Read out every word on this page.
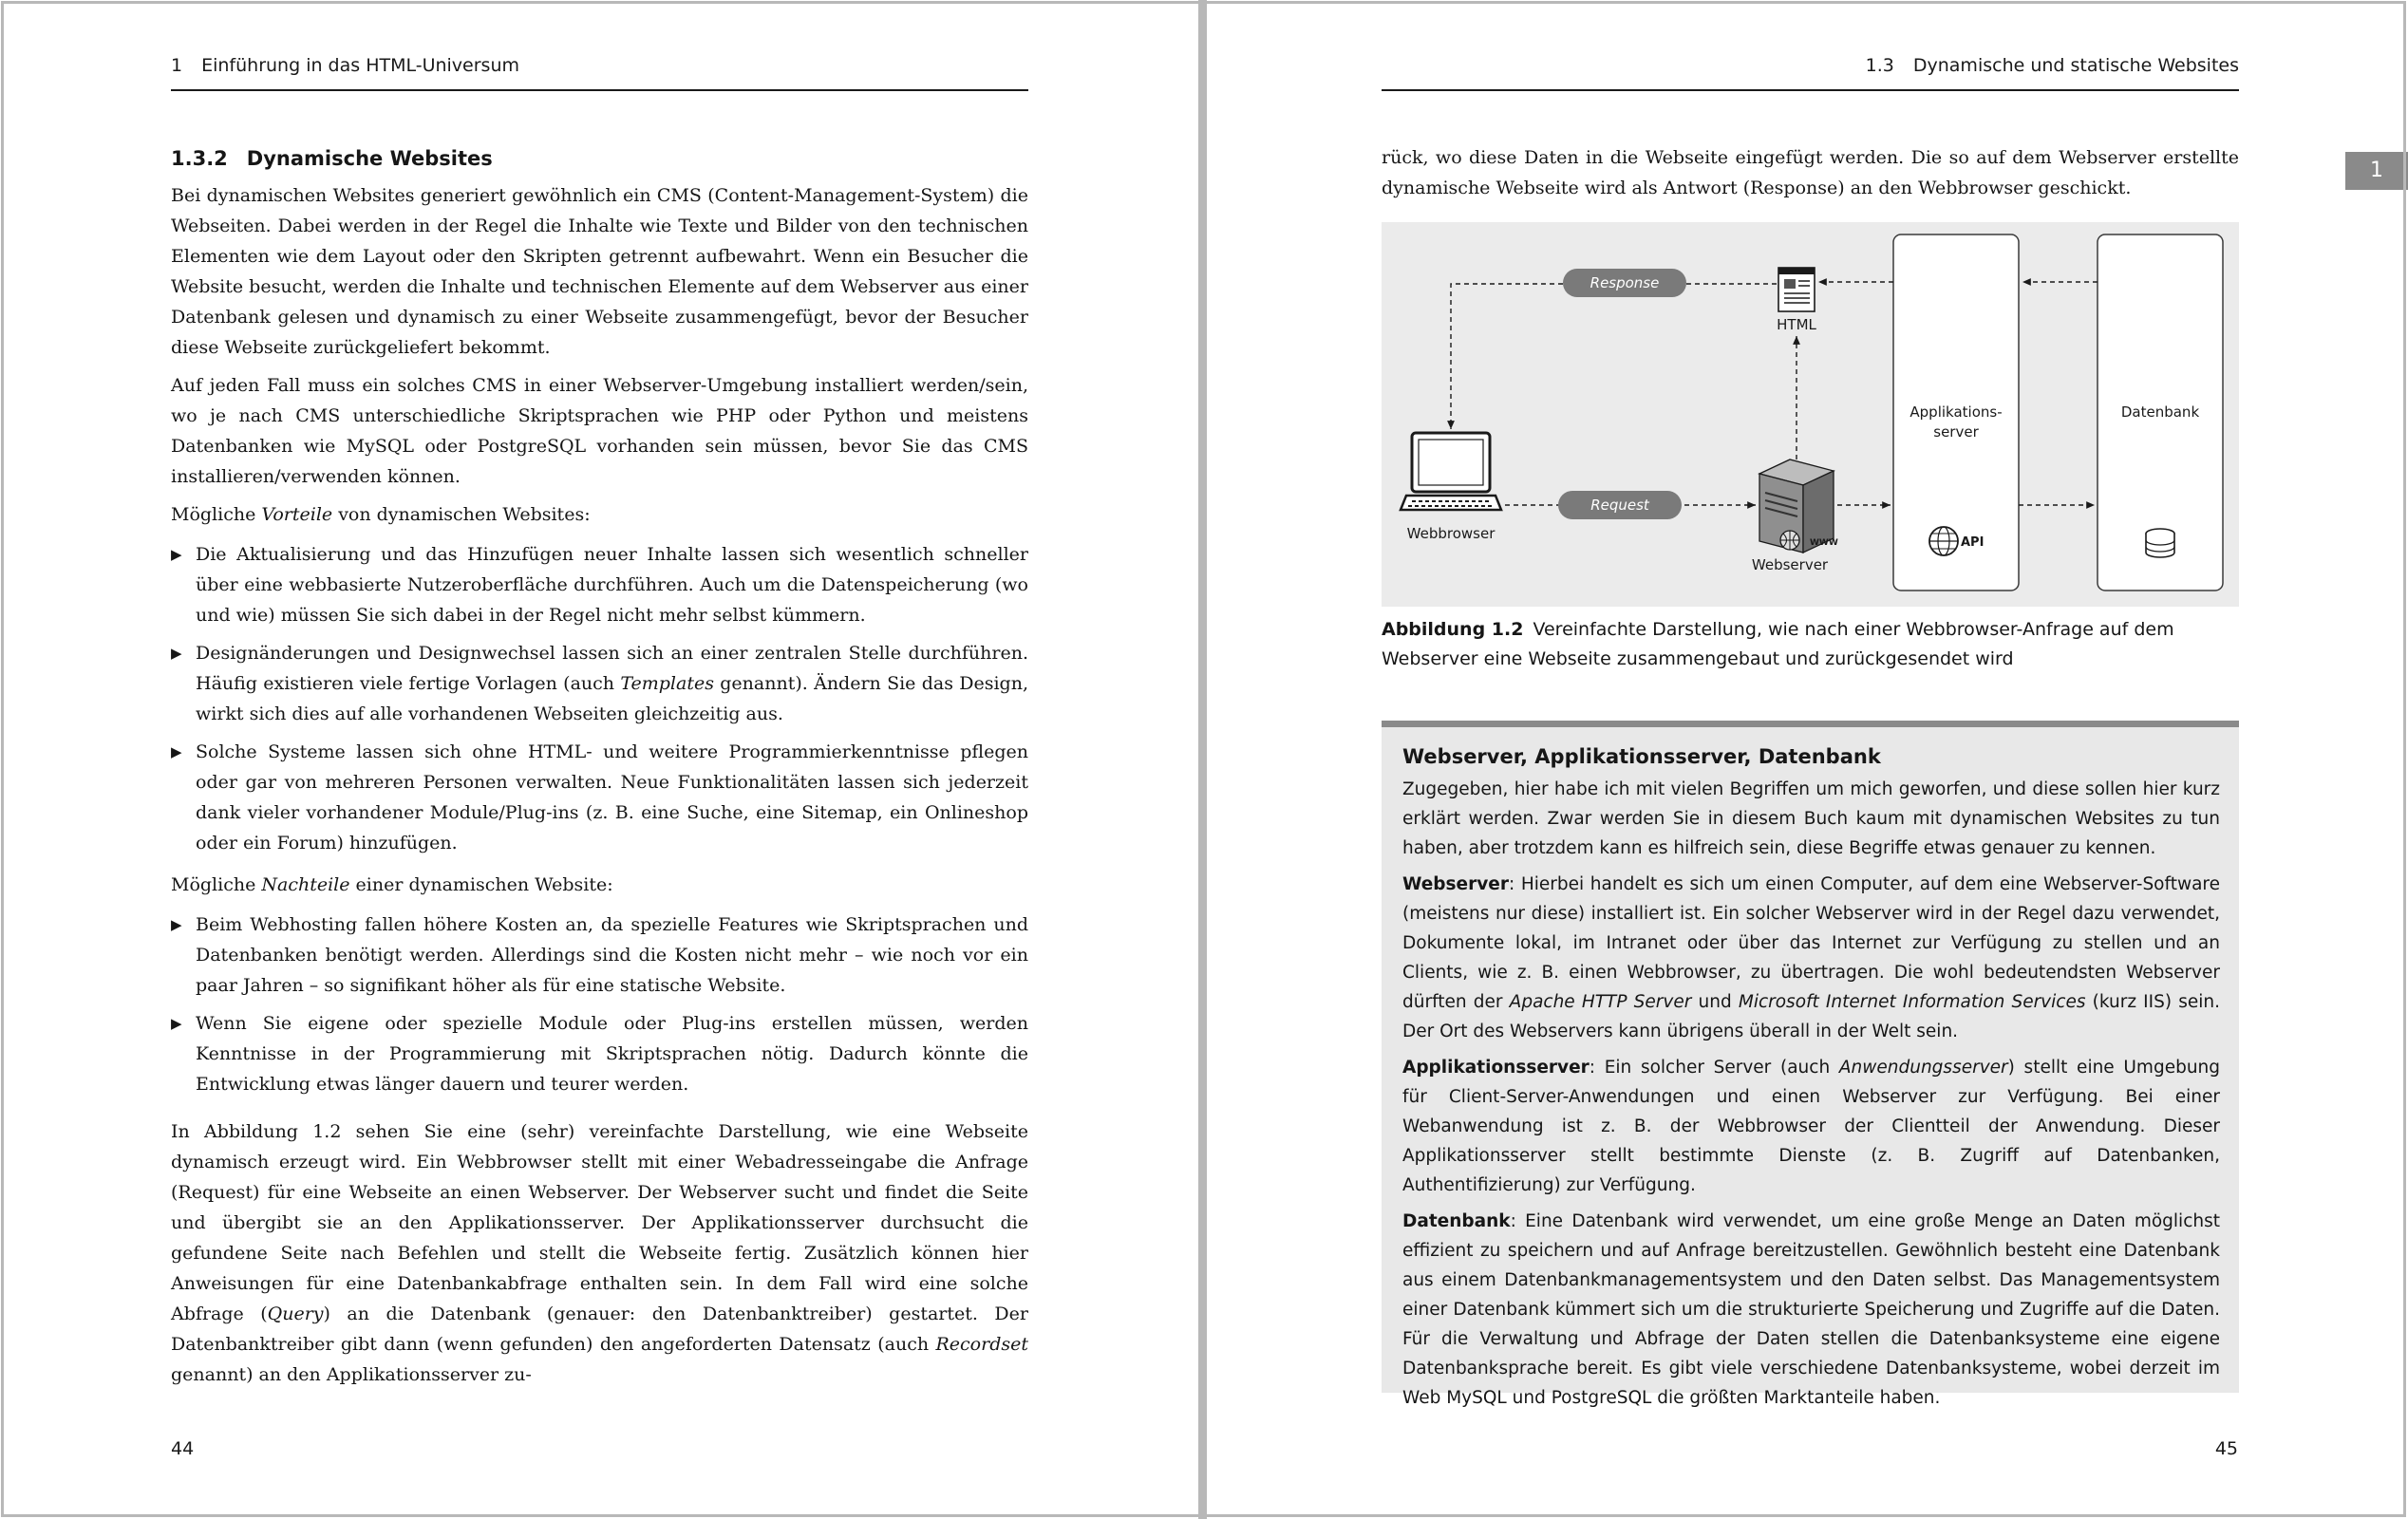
1 Einführung in das HTML-Universum
1.3.2 Dynamische Websites

Bei dynamischen Websites generiert gewöhnlich ein CMS (Content-Management-System) die Webseiten. Dabei werden in der Regel die Inhalte wie Texte und Bilder von den technischen Elementen wie dem Layout oder den Skripten getrennt aufbewahrt. Wenn ein Besucher die Website besucht, werden die Inhalte und technischen Elemente auf dem Webserver aus einer Datenbank gelesen und dynamisch zu einer Webseite zusammengefügt, bevor der Besucher diese Webseite zurückgeliefert bekommt.

Auf jeden Fall muss ein solches CMS in einer Webserver-Umgebung installiert werden/sein, wo je nach CMS unterschiedliche Skriptsprachen wie PHP oder Python und meistens Datenbanken wie MySQL oder PostgreSQL vorhanden sein müssen, bevor Sie das CMS installieren/verwenden können.

Mögliche Vorteile von dynamischen Websites:

▶ Die Aktualisierung und das Hinzufügen neuer Inhalte lassen sich wesentlich schneller über eine webbasierte Nutzeroberfläche durchführen. Auch um die Datenspeicherung (wo und wie) müssen Sie sich dabei in der Regel nicht mehr selbst kümmern.
▶ Designänderungen und Designwechsel lassen sich an einer zentralen Stelle durchführen. Häufig existieren viele fertige Vorlagen (auch Templates genannt). Ändern Sie das Design, wirkt sich dies auf alle vorhandenen Webseiten gleichzeitig aus.
▶ Solche Systeme lassen sich ohne HTML- und weitere Programmierkenntnisse pflegen oder gar von mehreren Personen verwalten. Neue Funktionalitäten lassen sich jederzeit dank vieler vorhandener Module/Plug-ins (z. B. eine Suche, eine Sitemap, ein Onlineshop oder ein Forum) hinzufügen.

Mögliche Nachteile einer dynamischen Website:

▶ Beim Webhosting fallen höhere Kosten an, da spezielle Features wie Skriptsprachen und Datenbanken benötigt werden. Allerdings sind die Kosten nicht mehr – wie noch vor ein paar Jahren – so signifikant höher als für eine statische Website.
▶ Wenn Sie eigene oder spezielle Module oder Plug-ins erstellen müssen, werden Kenntnisse in der Programmierung mit Skriptsprachen nötig. Dadurch könnte die Entwicklung etwas länger dauern und teurer werden.

In Abbildung 1.2 sehen Sie eine (sehr) vereinfachte Darstellung, wie eine Webseite dynamisch erzeugt wird. Ein Webbrowser stellt mit einer Webadresseingabe die Anfrage (Request) für eine Webseite an einen Webserver. Der Webserver sucht und findet die Seite und übergibt sie an den Applikationsserver. Der Applikationsserver durchsucht die gefundene Seite nach Befehlen und stellt die Webseite fertig. Zusätzlich können hier Anweisungen für eine Datenbankabfrage enthalten sein. In dem Fall wird eine solche Abfrage (Query) an die Datenbank (genauer: den Datenbanktreiber) gestartet. Der Datenbanktreiber gibt dann (wenn gefunden) den angeforderten Datensatz (auch Recordset genannt) an den Applikationsserver zu-

44
1.3 Dynamische und statische Websites
1

rück, wo diese Daten in die Webseite eingefügt werden. Die so auf dem Webserver erstellte dynamische Webseite wird als Antwort (Response) an den Webbrowser geschickt.

Response
Request
HTML
Webbrowser
WWW
Webserver
Applikations-
server
API
Datenbank

Abbildung 1.2 Vereinfachte Darstellung, wie nach einer Webbrowser-Anfrage auf dem Webserver eine Webseite zusammengebaut und zurückgesendet wird

Webserver, Applikationsserver, Datenbank

Zugegeben, hier habe ich mit vielen Begriffen um mich geworfen, und diese sollen hier kurz erklärt werden. Zwar werden Sie in diesem Buch kaum mit dynamischen Websites zu tun haben, aber trotzdem kann es hilfreich sein, diese Begriffe etwas genauer zu kennen.

Webserver: Hierbei handelt es sich um einen Computer, auf dem eine Webserver-Software (meistens nur diese) installiert ist. Ein solcher Webserver wird in der Regel dazu verwendet, Dokumente lokal, im Intranet oder über das Internet zur Verfügung zu stellen und an Clients, wie z. B. einen Webbrowser, zu übertragen. Die wohl bedeutendsten Webserver dürften der Apache HTTP Server und Microsoft Internet Information Services (kurz IIS) sein. Der Ort des Webservers kann übrigens überall in der Welt sein.

Applikationsserver: Ein solcher Server (auch Anwendungsserver) stellt eine Umgebung für Client-Server-Anwendungen und einen Webserver zur Verfügung. Bei einer Webanwendung ist z. B. der Webbrowser der Clientteil der Anwendung. Dieser Applikationsserver stellt bestimmte Dienste (z. B. Zugriff auf Datenbanken, Authentifizierung) zur Verfügung.

Datenbank: Eine Datenbank wird verwendet, um eine große Menge an Daten möglichst effizient zu speichern und auf Anfrage bereitzustellen. Gewöhnlich besteht eine Datenbank aus einem Datenbankmanagementsystem und den Daten selbst. Das Managementsystem einer Datenbank kümmert sich um die strukturierte Speicherung und Zugriffe auf die Daten. Für die Verwaltung und Abfrage der Daten stellen die Datenbanksysteme eine eigene Datenbanksprache bereit. Es gibt viele verschiedene Datenbanksysteme, wobei derzeit im Web MySQL und PostgreSQL die größten Marktanteile haben.

45
